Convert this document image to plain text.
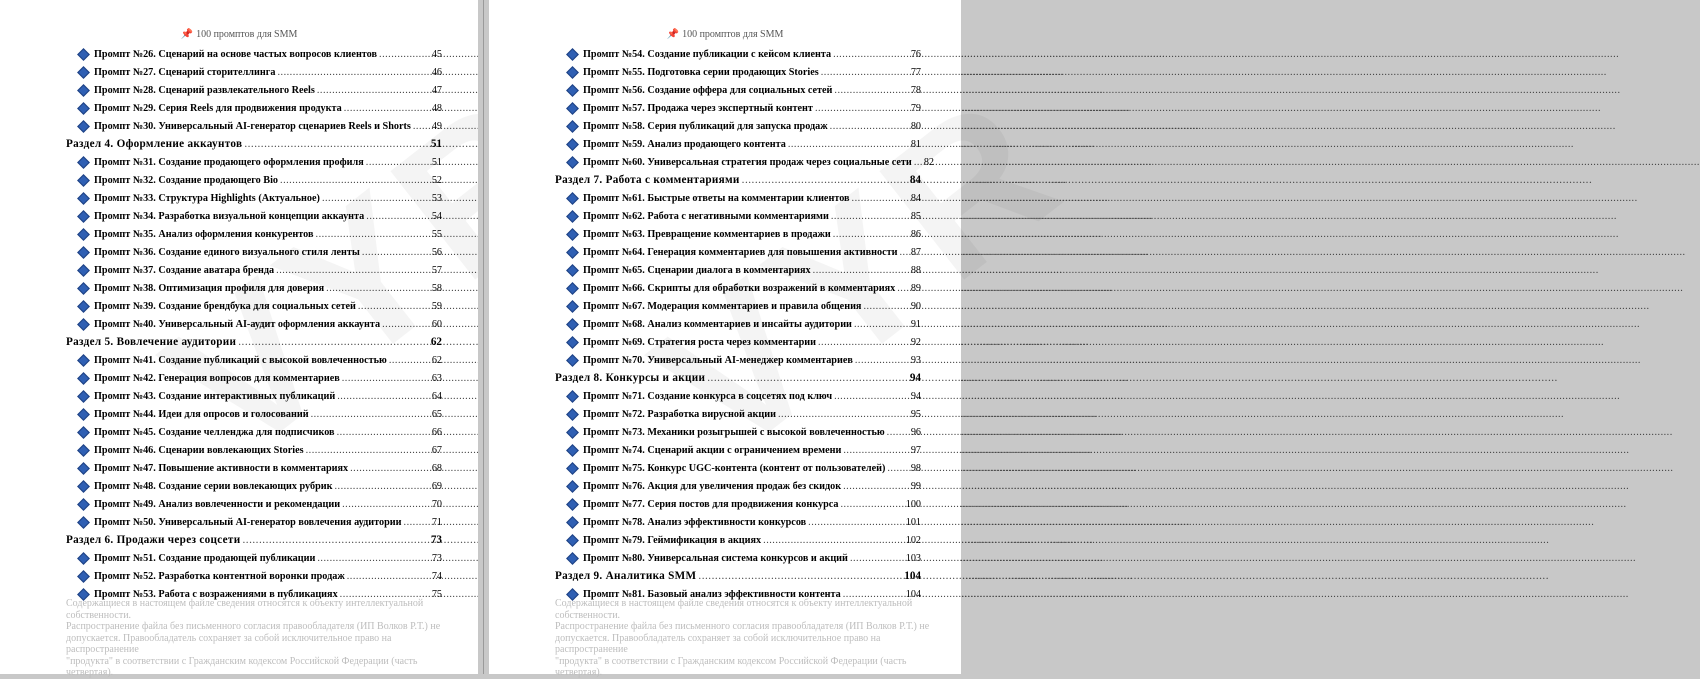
📌 100 промптов для SMM
Промпт №26. Сценарий на основе частых вопросов клиентов .....	45
Промпт №27. Сценарий сторителлинга .....	46
Промпт №28. Сценарий развлекательного Reels .....	47
Промпт №29. Серия Reels для продвижения продукта .....	48
Промпт №30. Универсальный AI-генератор сценариев Reels и Shorts ..... 49
Раздел 4. Оформление аккаунтов .....	51
Промпт №31. Создание продающего оформления профиля .....	51
Промпт №32. Создание продающего Bio .....	52
Промпт №33. Структура Highlights (Актуальное) .....	53
Промпт №34. Разработка визуальной концепции аккаунта .....	54
Промпт №35. Анализ оформления конкурентов .....	55
Промпт №36. Создание единого визуального стиля ленты .....	56
Промпт №37. Создание аватара бренда .....	57
Промпт №38. Оптимизация профиля для доверия .....	58
Промпт №39. Создание брендбука для социальных сетей .....	59
Промпт №40. Универсальный AI-аудит оформления аккаунта .....	60
Раздел 5. Вовлечение аудитории .....	62
Промпт №41. Создание публикаций с высокой вовлеченностью .....	62
Промпт №42. Генерация вопросов для комментариев .....	63
Промпт №43. Создание интерактивных публикаций .....	64
Промпт №44. Идеи для опросов и голосований .....	65
Промпт №45. Создание челленджа для подписчиков .....	66
Промпт №46. Сценарии вовлекающих Stories .....	67
Промпт №47. Повышение активности в комментариях .....	68
Промпт №48. Создание серии вовлекающих рубрик .....	69
Промпт №49. Анализ вовлеченности и рекомендации .....	70
Промпт №50. Универсальный AI-генератор вовлечения аудитории .....	71
Раздел 6. Продажи через соцсети .....	73
Промпт №51. Создание продающей публикации .....	73
Промпт №52. Разработка контентной воронки продаж .....	74
Промпт №53. Работа с возражениями в публикациях .....	75
Содержащиеся в настоящем файле сведения относятся к объекту интеллектуальной собственности.
Распространение файла без письменного согласия правообладателя (ИП Волков Р.Т.) не
допускается. Правообладатель сохраняет за собой исключительное право на распространение
"продукта" в соответствии с Гражданским кодексом Российской Федерации (часть четвертая).
📌 100 промптов для SMM
Промпт №54. Создание публикации с кейсом клиента .....	76
Промпт №55. Подготовка серии продающих Stories .....	77
Промпт №56. Создание оффера для социальных сетей .....	78
Промпт №57. Продажа через экспертный контент .....	79
Промпт №58. Серия публикаций для запуска продаж .....	80
Промпт №59. Анализ продающего контента .....	81
Промпт №60. Универсальная стратегия продаж через социальные сети ..... 82
Раздел 7. Работа с комментариями .....	84
Промпт №61. Быстрые ответы на комментарии клиентов .....	84
Промпт №62. Работа с негативными комментариями .....	85
Промпт №63. Превращение комментариев в продажи .....	86
Промпт №64. Генерация комментариев для повышения активности ..... 87
Промпт №65. Сценарии диалога в комментариях .....	88
Промпт №66. Скрипты для обработки возражений в комментариях ..... 89
Промпт №67. Модерация комментариев и правила общения .....	90
Промпт №68. Анализ комментариев и инсайты аудитории .....	91
Промпт №69. Стратегия роста через комментарии .....	92
Промпт №70. Универсальный AI-менеджер комментариев .....	93
Раздел 8. Конкурсы и акции .....	94
Промпт №71. Создание конкурса в соцсетях под ключ .....	94
Промпт №72. Разработка вирусной акции .....	95
Промпт №73. Механики розыгрышей с высокой вовлеченностью .....	96
Промпт №74. Сценарий акции с ограничением времени .....	97
Промпт №75. Конкурс UGC-контента (контент от пользователей) ..... 98
Промпт №76. Акция для увеличения продаж без скидок .....	99
Промпт №77. Серия постов для продвижения конкурса .....	100
Промпт №78. Анализ эффективности конкурсов .....	101
Промпт №79. Геймификация в акциях .....	102
Промпт №80. Универсальная система конкурсов и акций .....	103
Раздел 9. Аналитика SMM .....	104
Промпт №81. Базовый анализ эффективности контента .....	104
Содержащиеся в настоящем файле сведения относятся к объекту интеллектуальной собственности.
Распространение файла без письменного согласия правообладателя (ИП Волков Р.Т.) не
допускается. Правообладатель сохраняет за собой исключительное право на распространение
"продукта" в соответствии с Гражданским кодексом Российской Федерации (часть четвертая).
